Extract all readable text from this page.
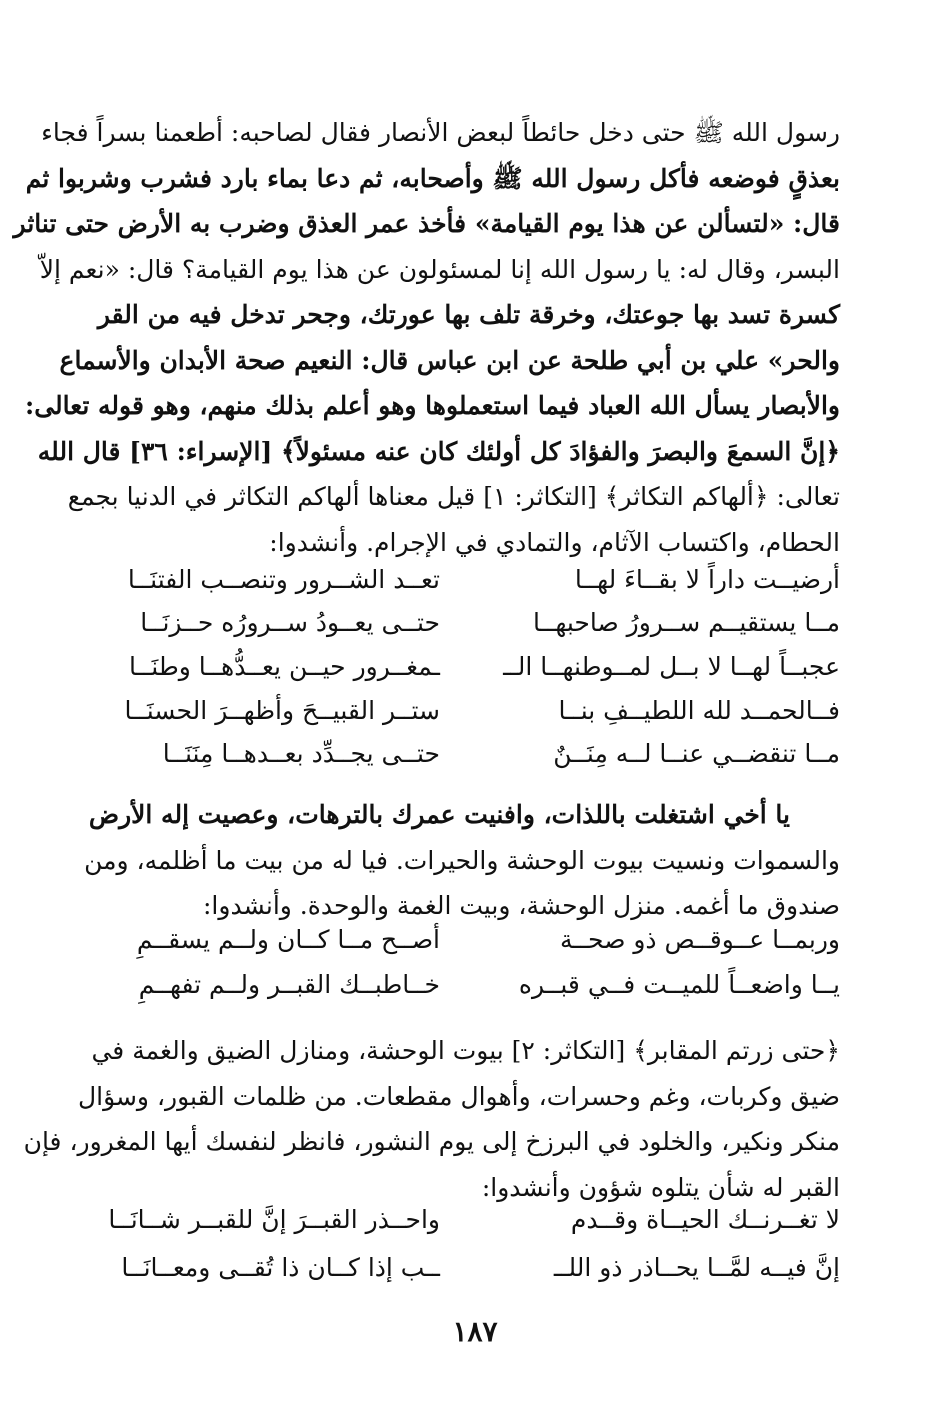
رسول الله ﷺ حتى دخل حائطاً لبعض الأنصار فقال لصاحبه: أطعمنا بسراً فجاء
بعذقٍ فوضعه فأكل رسول الله ﷺ وأصحابه، ثم دعا بماء بارد فشرب وشربوا ثم
قال: «لتسألن عن هذا يوم القيامة» فأخذ عمر العذق وضرب به الأرض حتى تناثر
البسر، وقال له: يا رسول الله إنا لمسئولون عن هذا يوم القيامة؟ قال: «نعم إلاّ
كسرة تسد بها جوعتك، وخرقة تلف بها عورتك، وجحر تدخل فيه من القر
والحر» علي بن أبي طلحة عن ابن عباس قال: النعيم صحة الأبدان والأسماع
والأبصار يسأل الله العباد فيما استعملوها وهو أعلم بذلك منهم، وهو قوله تعالى:
﴿إنَّ السمعَ والبصرَ والفؤادَ كل أولئك كان عنه مسئولاً﴾ [الإسراء: ٣٦] قال الله
تعالى: ﴿ألهاكم التكاثر﴾ [التكاثر: ١] قيل معناها ألهاكم التكاثر في الدنيا بجمع
الحطام، واكتساب الآثام، والتمادي في الإجرام. وأنشدوا:
أرضيــت داراً لا بقــاءَ لهــا
تعــد الشــرور وتنصــب الفتنَــا
مــا يستقيــم ســرورُ صاحبهــا
حتــى يعــودُ ســرورُه حــزنَــا
عجبــاً لهــا لا بــل لمــوطنهــا الــ
ـمغــرور حيــن يعــدُّهــا وطنَــا
فــالحمــد لله اللطيــفِ بنــا
ستــر القبيــحَ وأظهــرَ الحسنَــا
مــا تنقضــي عنــا لــه مِنَــنٌ
حتــى يجــدِّد بعــدهــا مِنَنَــا
يا أخي اشتغلت باللذات، وافنيت عمرك بالترهات، وعصيت إله الأرض
والسموات ونسيت بيوت الوحشة والحيرات. فيا له من بيت ما أظلمه، ومن
صندوق ما أغمه. منزل الوحشة، وبيت الغمة والوحدة. وأنشدوا:
وربمــا عــوقــص ذو صحــة
أصــح مــا كــان ولــم يسقــمِ
يــا واضعــاً للميــت فــي قبــره
خــاطبــك القبــر ولــم تفهــمِ
﴿حتى زرتم المقابر﴾ [التكاثر: ٢] بيوت الوحشة، ومنازل الضيق والغمة في
ضيق وكربات، وغم وحسرات، وأهوال مقطعات. من ظلمات القبور، وسؤال
منكر ونكير، والخلود في البرزخ إلى يوم النشور، فانظر لنفسك أيها المغرور، فإن
القبر له شأن يتلوه شؤون وأنشدوا:
لا تغــرنــك الحيــاة وقــدم
واحــذر القبــرَ إنَّ للقبــر شــانَــا
إنَّ فيــه لمَّــا يحــاذر ذو اللــ
ــب إذا كــان ذا تُقــى ومعــانَــا
١٨٧
